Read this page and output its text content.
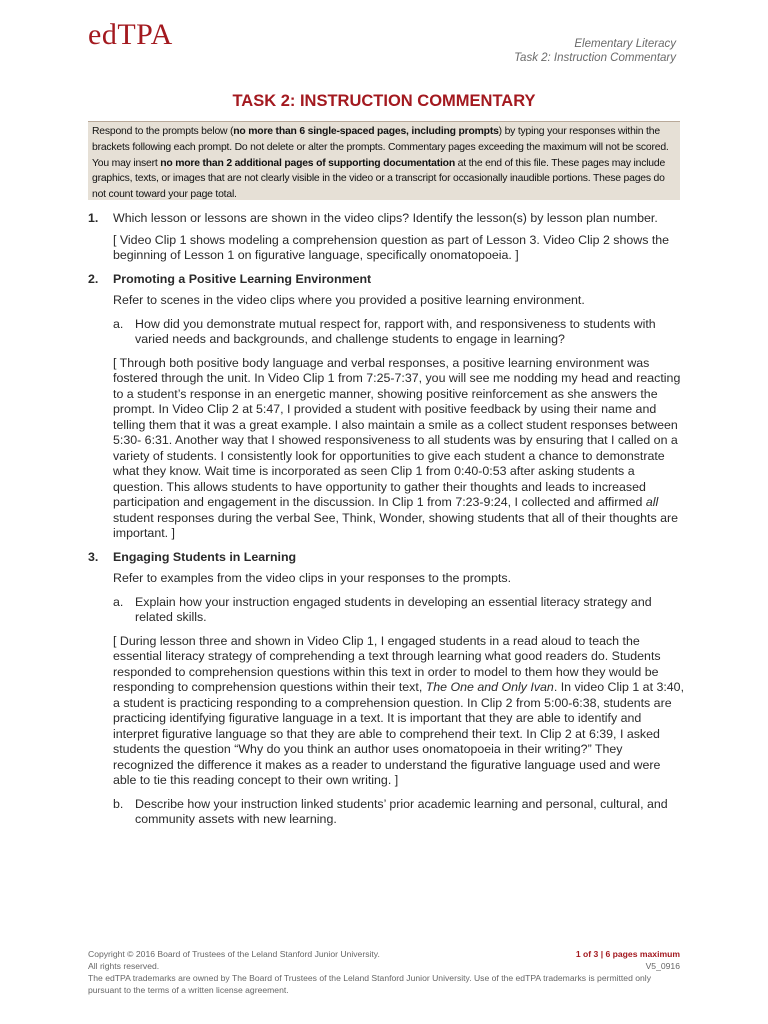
edTPA	Elementary Literacy
Task 2: Instruction Commentary
TASK 2: INSTRUCTION COMMENTARY
Respond to the prompts below (no more than 6 single-spaced pages, including prompts) by typing your responses within the brackets following each prompt. Do not delete or alter the prompts. Commentary pages exceeding the maximum will not be scored. You may insert no more than 2 additional pages of supporting documentation at the end of this file. These pages may include graphics, texts, or images that are not clearly visible in the video or a transcript for occasionally inaudible portions. These pages do not count toward your page total.
1.	Which lesson or lessons are shown in the video clips? Identify the lesson(s) by lesson plan number.
[ Video Clip 1 shows modeling a comprehension question as part of Lesson 3. Video Clip 2 shows the beginning of Lesson 1 on figurative language, specifically onomatopoeia. ]
2.	Promoting a Positive Learning Environment
Refer to scenes in the video clips where you provided a positive learning environment.
a. How did you demonstrate mutual respect for, rapport with, and responsiveness to students with varied needs and backgrounds, and challenge students to engage in learning?
[ Through both positive body language and verbal responses, a positive learning environment was fostered through the unit. In Video Clip 1 from 7:25-7:37, you will see me nodding my head and reacting to a student’s response in an energetic manner, showing positive reinforcement as she answers the prompt. In Video Clip 2 at 5:47, I provided a student with positive feedback by using their name and telling them that it was a great example. I also maintain a smile as a collect student responses between 5:30- 6:31. Another way that I showed responsiveness to all students was by ensuring that I called on a variety of students. I consistently look for opportunities to give each student a chance to demonstrate what they know. Wait time is incorporated as seen Clip 1 from 0:40-0:53 after asking students a question. This allows students to have opportunity to gather their thoughts and leads to increased participation and engagement in the discussion. In Clip 1 from 7:23-9:24, I collected and affirmed all student responses during the verbal See, Think, Wonder, showing students that all of their thoughts are important. ]
3.	Engaging Students in Learning
Refer to examples from the video clips in your responses to the prompts.
a. Explain how your instruction engaged students in developing an essential literacy strategy and related skills.
[ During lesson three and shown in Video Clip 1, I engaged students in a read aloud to teach the essential literacy strategy of comprehending a text through learning what good readers do. Students responded to comprehension questions within this text in order to model to them how they would be responding to comprehension questions within their text, The One and Only Ivan. In video Clip 1 at 3:40, a student is practicing responding to a comprehension question. In Clip 2 from 5:00-6:38, students are practicing identifying figurative language in a text. It is important that they are able to identify and interpret figurative language so that they are able to comprehend their text. In Clip 2 at 6:39, I asked students the question “Why do you think an author uses onomatopoeia in their writing?” They recognized the difference it makes as a reader to understand the figurative language used and were able to tie this reading concept to their own writing. ]
b. Describe how your instruction linked students’ prior academic learning and personal, cultural, and community assets with new learning.
Copyright © 2016 Board of Trustees of the Leland Stanford Junior University.	1 of 3 | 6 pages maximum
All rights reserved.	V5_0916
The edTPA trademarks are owned by The Board of Trustees of the Leland Stanford Junior University. Use of the edTPA trademarks is permitted only pursuant to the terms of a written license agreement.
